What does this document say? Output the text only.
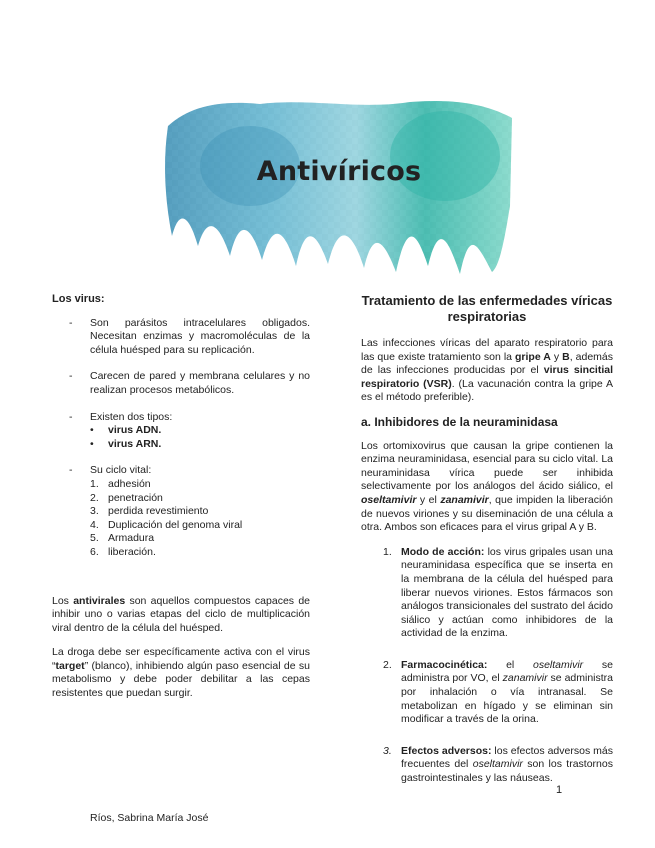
Antivíricos
Los virus:
- Son parásitos intracelulares obligados. Necesitan enzimas y macromoléculas de la célula huésped para su replicación.
- Carecen de pared y membrana celulares y no realizan procesos metabólicos.
- Existen dos tipos:
• virus ADN.
• virus ARN.
- Su ciclo vital:
1. adhesión
2. penetración
3. perdida revestimiento
4. Duplicación del genoma viral
5. Armadura
6. liberación.

Los antivirales son aquellos compuestos capaces de inhibir uno o varias etapas del ciclo de multiplicación viral dentro de la célula del huésped.

La droga debe ser específicamente activa con el virus “target” (blanco), inhibiendo algún paso esencial de su metabolismo y debe poder debilitar a las cepas resistentes que puedan surgir.

Tratamiento de las enfermedades víricas respiratorias

Las infecciones víricas del aparato respiratorio para las que existe tratamiento son la gripe A y B, además de las infecciones producidas por el virus sincitial respiratorio (VSR). (La vacunación contra la gripe A es el método preferible).

a. Inhibidores de la neuraminidasa

Los ortomixovirus que causan la gripe contienen la enzima neuraminidasa, esencial para su ciclo vital. La neuraminidasa vírica puede ser inhibida selectivamente por los análogos del ácido siálico, el oseltamivir y el zanamivir, que impiden la liberación de nuevos viriones y su diseminación de una célula a otra. Ambos son eficaces para el virus gripal A y B.

1. Modo de acción: los virus gripales usan una neuraminidasa específica que se inserta en la membrana de la célula del huésped para liberar nuevos viriones. Estos fármacos son análogos transicionales del sustrato del ácido siálico y actúan como inhibidores de la actividad de la enzima.
2. Farmacocinética: el oseltamivir se administra por VO, el zanamivir se administra por inhalación o vía intranasal. Se metabolizan en hígado y se eliminan sin modificar a través de la orina.
3. Efectos adversos: los efectos adversos más frecuentes del oseltamivir son los trastornos gastrointestinales y las náuseas.
1
Ríos, Sabrina María José
